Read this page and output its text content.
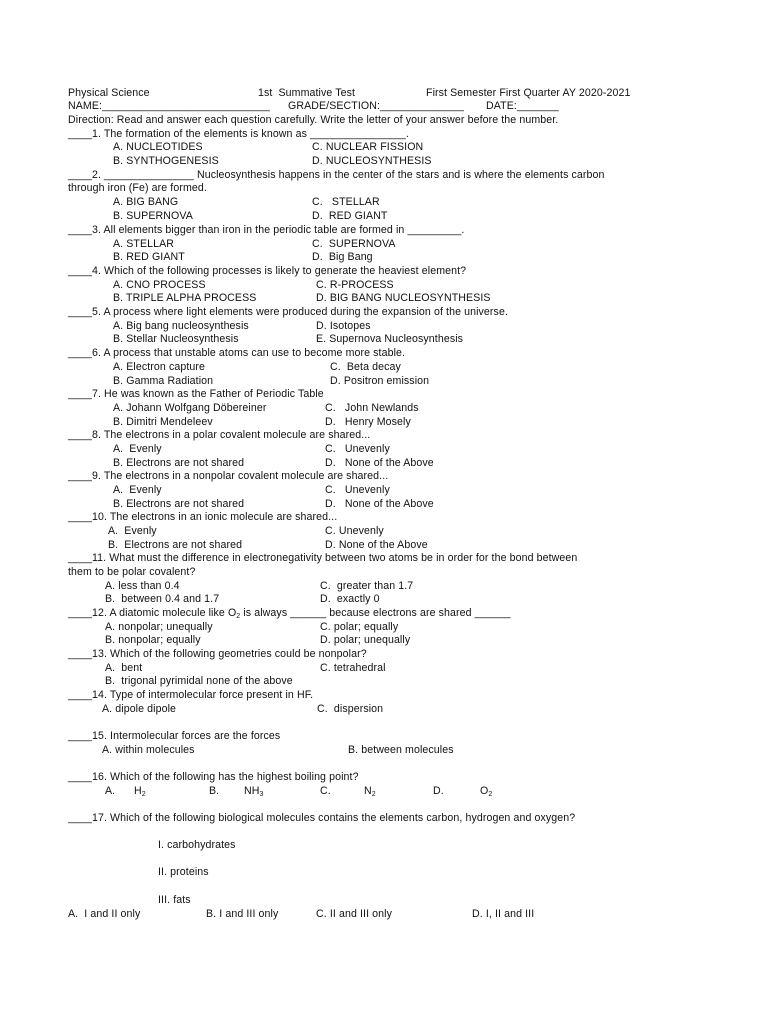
Physical Science	1st  Summative Test	First Semester First Quarter AY 2020-2021
NAME:____________________________ GRADE/SECTION:______________ DATE:_______
Direction: Read and answer each question carefully. Write the letter of your answer before the number.
____1. The formation of the elements is known as ________________.
A. NUCLEOTIDES	C. NUCLEAR FISSION
B. SYNTHOGENESIS	D. NUCLEOSYNTHESIS
____2. _______________ Nucleosynthesis happens in the center of the stars and is where the elements carbon
through iron (Fe) are formed.
A. BIG BANG	C.   STELLAR
B. SUPERNOVA	D.  RED GIANT
____3. All elements bigger than iron in the periodic table are formed in _________.
A. STELLAR	C.  SUPERNOVA
B. RED GIANT	D.  Big Bang
____4. Which of the following processes is likely to generate the heaviest element?
A. CNO PROCESS	C. R-PROCESS
B. TRIPLE ALPHA PROCESS	D. BIG BANG NUCLEOSYNTHESIS
____5. A process where light elements were produced during the expansion of the universe.
A. Big bang nucleosynthesis	D. Isotopes
B. Stellar Nucleosynthesis	E. Supernova Nucleosynthesis
____6. A process that unstable atoms can use to become more stable.
A. Electron capture	C.  Beta decay
B. Gamma Radiation	D. Positron emission
____7. He was known as the Father of Periodic Table
A. Johann Wolfgang Döbereiner	C.   John Newlands
B. Dimitri Mendeleev	D.   Henry Mosely
____8. The electrons in a polar covalent molecule are shared...
A.  Evenly	C.   Unevenly
B. Electrons are not shared	D.   None of the Above
____9. The electrons in a nonpolar covalent molecule are shared...
A.  Evenly	C.   Unevenly
B. Electrons are not shared	D.   None of the Above
____10. The electrons in an ionic molecule are shared...
A.  Evenly	C. Unevenly
B.  Electrons are not shared	D. None of the Above
____11. What must the difference in electronegativity between two atoms be in order for the bond between
them to be polar covalent?
A. less than 0.4	C.  greater than 1.7
B.  between 0.4 and 1.7	D.  exactly 0
____12. A diatomic molecule like $O_2$ is always ______ because electrons are shared ______
A. nonpolar; unequally	C. polar; equally
B. nonpolar; equally	D. polar; unequally
____13. Which of the following geometries could be nonpolar?
A.  bent	C. tetrahedral
B.  trigonal pyrimidal none of the above
____14. Type of intermolecular force present in HF.
A. dipole dipole	C.  dispersion
____15. Intermolecular forces are the forces
A. within molecules	B. between molecules
____16. Which of the following has the highest boiling point?
A. $H_2$	B. $NH_3$	C.	$N_2$	D.	$O_2$
____17. Which of the following biological molecules contains the elements carbon, hydrogen and oxygen?
I. carbohydrates
II. proteins
III. fats
A.  I and II only	B. I and III only	C. II and III only	D. I, II and III
